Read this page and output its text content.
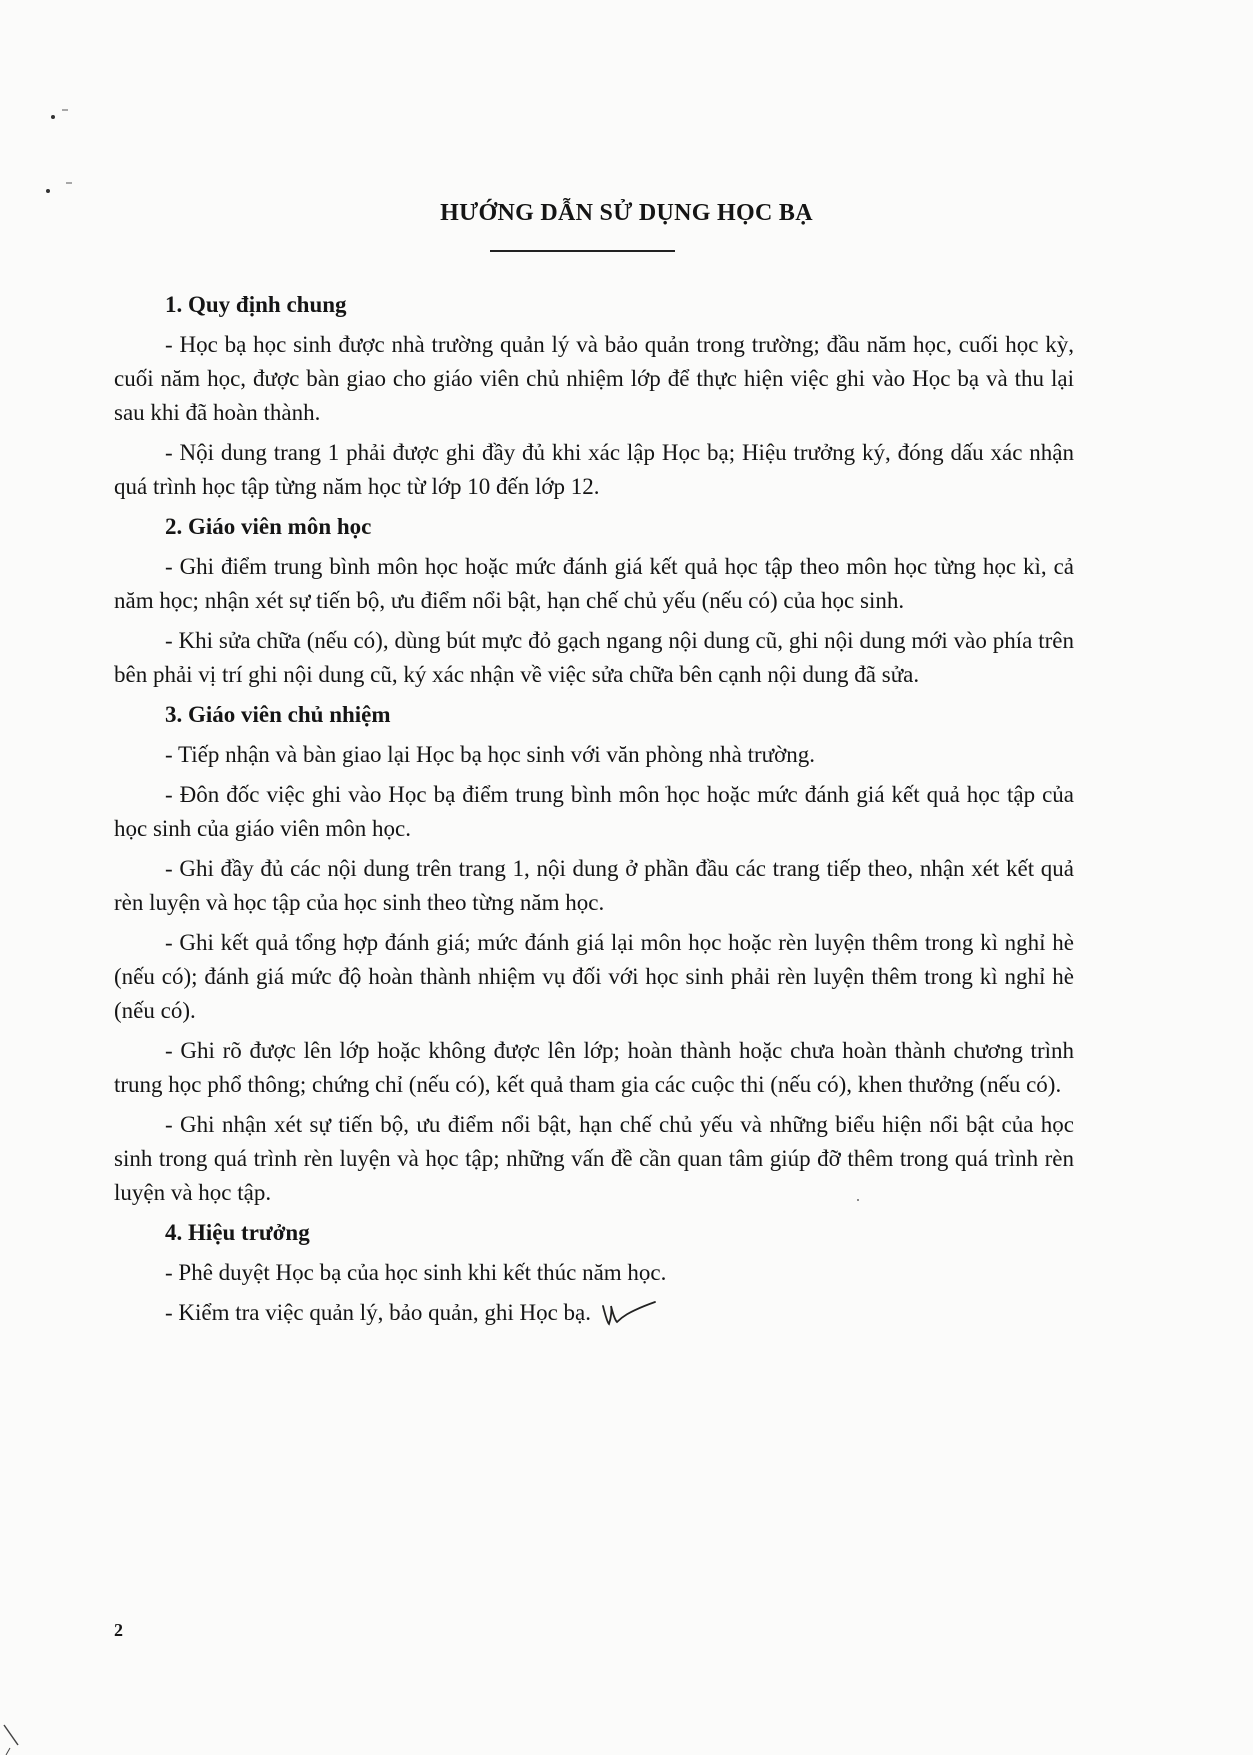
HƯỚNG DẪN SỬ DỤNG HỌC BẠ
1. Quy định chung
- Học bạ học sinh được nhà trường quản lý và bảo quản trong trường; đầu năm học, cuối học kỳ, cuối năm học, được bàn giao cho giáo viên chủ nhiệm lớp để thực hiện việc ghi vào Học bạ và thu lại sau khi đã hoàn thành.
- Nội dung trang 1 phải được ghi đầy đủ khi xác lập Học bạ; Hiệu trưởng ký, đóng dấu xác nhận quá trình học tập từng năm học từ lớp 10 đến lớp 12.
2. Giáo viên môn học
- Ghi điểm trung bình môn học hoặc mức đánh giá kết quả học tập theo môn học từng học kì, cả năm học; nhận xét sự tiến bộ, ưu điểm nổi bật, hạn chế chủ yếu (nếu có) của học sinh.
- Khi sửa chữa (nếu có), dùng bút mực đỏ gạch ngang nội dung cũ, ghi nội dung mới vào phía trên bên phải vị trí ghi nội dung cũ, ký xác nhận về việc sửa chữa bên cạnh nội dung đã sửa.
3. Giáo viên chủ nhiệm
- Tiếp nhận và bàn giao lại Học bạ học sinh với văn phòng nhà trường.
- Đôn đốc việc ghi vào Học bạ điểm trung bình môn học hoặc mức đánh giá kết quả học tập của học sinh của giáo viên môn học.
- Ghi đầy đủ các nội dung trên trang 1, nội dung ở phần đầu các trang tiếp theo, nhận xét kết quả rèn luyện và học tập của học sinh theo từng năm học.
- Ghi kết quả tổng hợp đánh giá; mức đánh giá lại môn học hoặc rèn luyện thêm trong kì nghỉ hè (nếu có); đánh giá mức độ hoàn thành nhiệm vụ đối với học sinh phải rèn luyện thêm trong kì nghỉ hè (nếu có).
- Ghi rõ được lên lớp hoặc không được lên lớp; hoàn thành hoặc chưa hoàn thành chương trình trung học phổ thông; chứng chỉ (nếu có), kết quả tham gia các cuộc thi (nếu có), khen thưởng (nếu có).
- Ghi nhận xét sự tiến bộ, ưu điểm nổi bật, hạn chế chủ yếu và những biểu hiện nổi bật của học sinh trong quá trình rèn luyện và học tập; những vấn đề cần quan tâm giúp đỡ thêm trong quá trình rèn luyện và học tập.
4. Hiệu trưởng
- Phê duyệt Học bạ của học sinh khi kết thúc năm học.
- Kiểm tra việc quản lý, bảo quản, ghi Học bạ.
2
